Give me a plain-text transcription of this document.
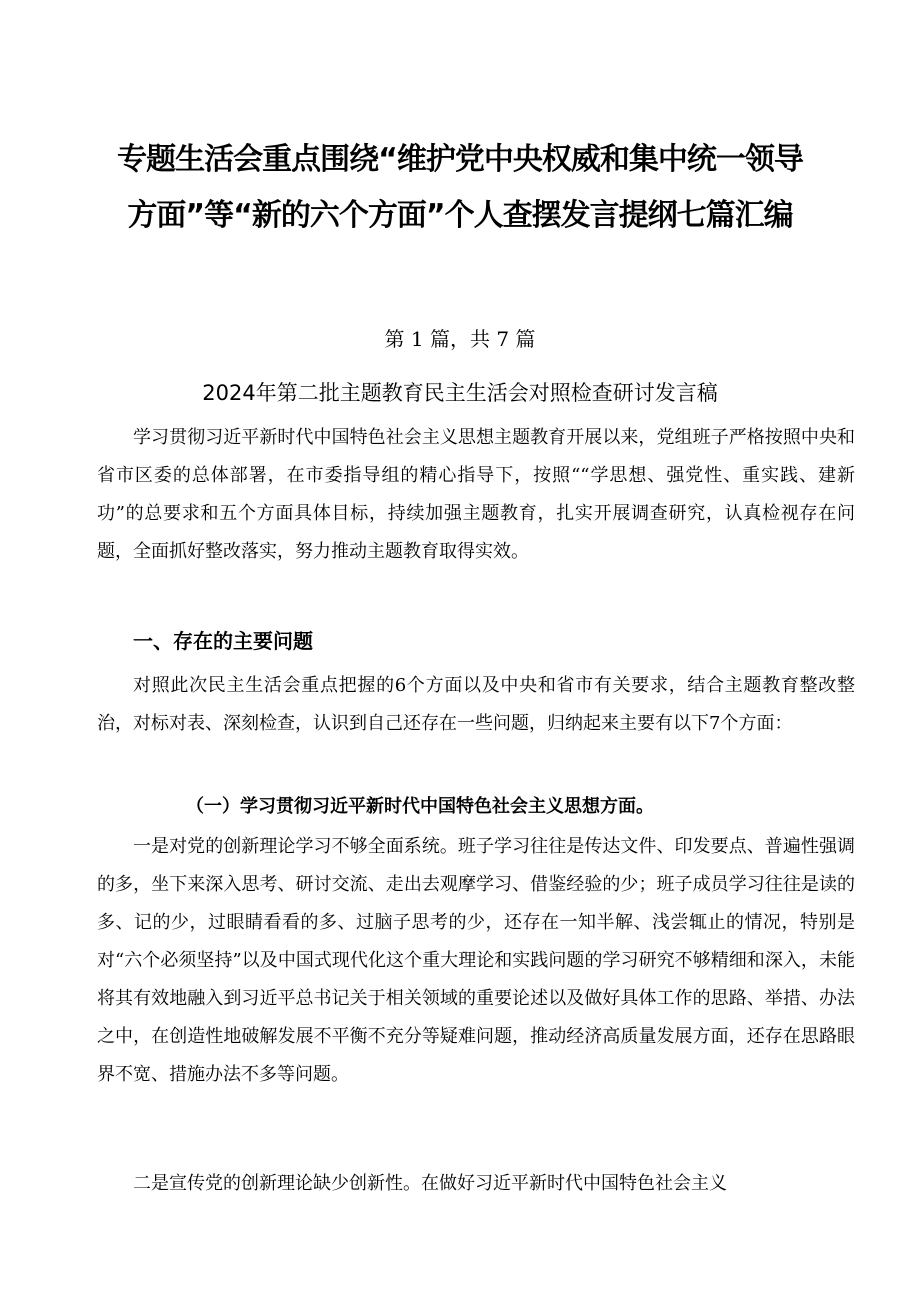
专题生活会重点围绕“维护党中央权威和集中统一领导
方面”等“新的六个方面”个人查摆发言提纲七篇汇编
第 1 篇，共 7 篇
2024年第二批主题教育民主生活会对照检查研讨发言稿

学习贯彻习近平新时代中国特色社会主义思想主题教育开展以来，党组班子严格按照中央和省市区委的总体部署，在市委指导组的精心指导下，按照““学思想、强党性、重实践、建新功”的总要求和五个方面具体目标，持续加强主题教育，扎实开展调查研究，认真检视存在问题，全面抓好整改落实，努力推动主题教育取得实效。

一、存在的主要问题

对照此次民主生活会重点把握的6个方面以及中央和省市有关要求，结合主题教育整改整治，对标对表、深刻检查，认识到自己还存在一些问题，归纳起来主要有以下7个方面：

（一）学习贯彻习近平新时代中国特色社会主义思想方面。

一是对党的创新理论学习不够全面系统。班子学习往往是传达文件、印发要点、普遍性强调的多，坐下来深入思考、研讨交流、走出去观摩学习、借鉴经验的少；班子成员学习往往是读的多、记的少，过眼睛看看的多、过脑子思考的少，还存在一知半解、浅尝辄止的情况，特别是对“六个必须坚持”以及中国式现代化这个重大理论和实践问题的学习研究不够精细和深入，未能将其有效地融入到习近平总书记关于相关领域的重要论述以及做好具体工作的思路、举措、办法之中，在创造性地破解发展不平衡不充分等疑难问题，推动经济高质量发展方面，还存在思路眼界不宽、措施办法不多等问题。

二是宣传党的创新理论缺少创新性。在做好习近平新时代中国特色社会主义
